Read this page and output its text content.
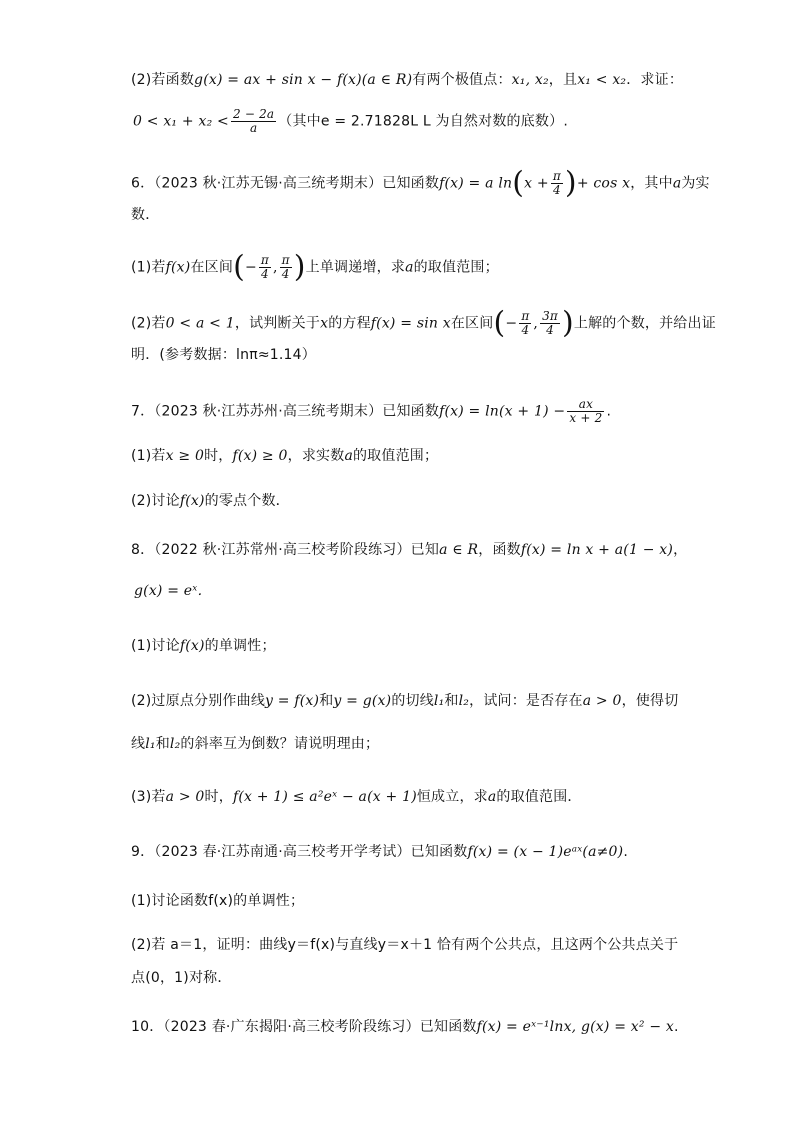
(2)若函数g(x) = ax + sin x − f(x)(a ∈ R)有两个极值点：x₁, x₂，且x₁ < x₂．求证：
$0 < x_1 + x_2 < \frac{2 - 2a}{a}$ （其中e = 2.71828L L 为自然对数的底数）.
6．（2023 秋·江苏无锡·高三统考期末）已知函数f(x) = a $\ln(x + \frac{\pi}{4}$ )+ cos x，其中a为实
数．
(1)若f(x)在区间(− $\frac{\pi}{4}$ , $\frac{\pi}{4}$ )上单调递增，求a的取值范围；
(2)若0 < a < 1，试判断关于x的方程f(x) = sin x在区间(− $\frac{\pi}{4}$ , $\frac{3\pi}{4}$ )上解的个数，并给出证
明．(参考数据：lnπ≈1.14）
7．（2023 秋·江苏苏州·高三统考期末）已知函数$f(x) = \ln(x + 1) - \frac{ax}{x + 2}$ .
(1)若x ≥ 0时，f(x) ≥ 0，求实数a的取值范围；
(2)讨论f(x)的零点个数．
8．（2022 秋·江苏常州·高三校考阶段练习）已知a ∈ R，函数f(x) = ln x + a(1 − x)，
g(x) = eˣ．
(1)讨论f(x)的单调性；
(2)过原点分别作曲线y = f(x)和y = g(x)的切线l₁和l₂，试问：是否存在a > 0，使得切
线l₁和l₂的斜率互为倒数？请说明理由；
(3)若a > 0时，f(x + 1) ≤ a²eˣ − a(x + 1)恒成立，求a的取值范围．
9．（2023 春·江苏南通·高三校考开学考试）已知函数f(x) = (x − 1)eᵃˣ(a≠0).
(1)讨论函数f(x)的单调性；
(2)若 a＝1，证明：曲线y＝f(x)与直线y＝x＋1 恰有两个公共点，且这两个公共点关于
点(0，1)对称．
10．（2023 春·广东揭阳·高三校考阶段练习）已知函数f(x) = eˣ⁻¹lnx, g(x) = x² − x.
